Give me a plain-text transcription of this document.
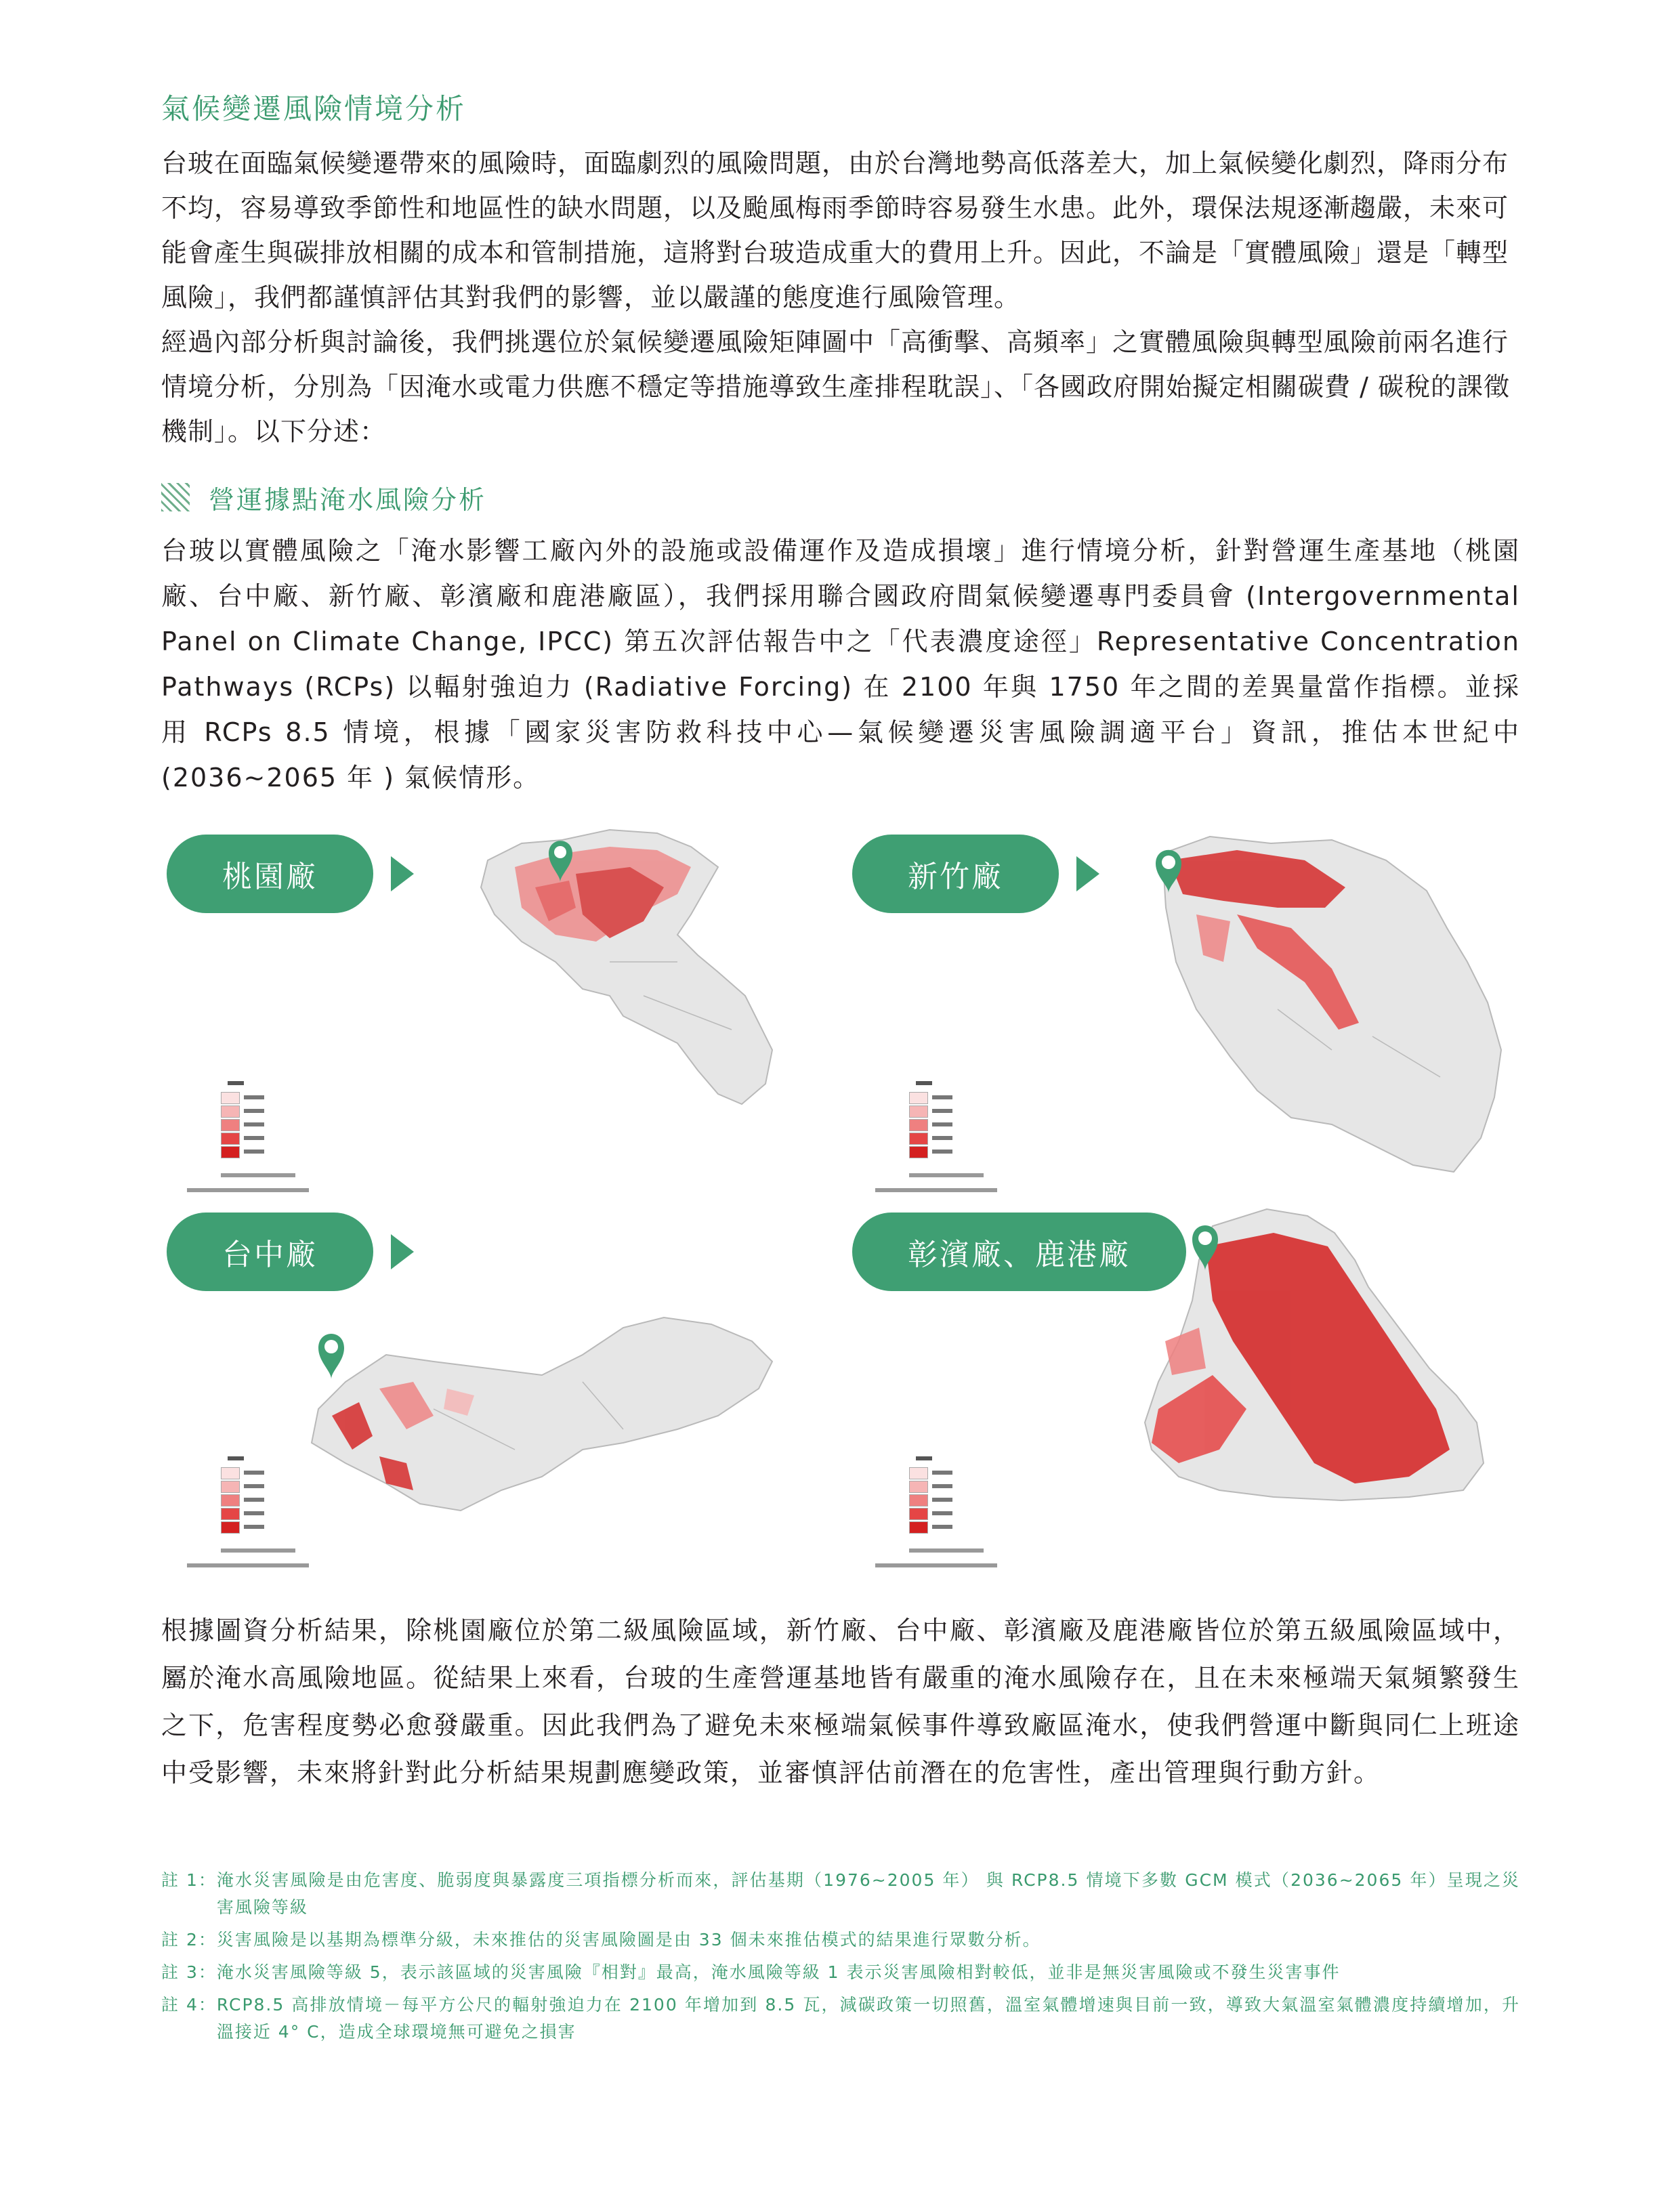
氣候變遷風險情境分析

台玻在面臨氣候變遷帶來的風險時，面臨劇烈的風險問題，由於台灣地勢高低落差大，加上氣候變化劇烈，降雨分布不均，容易導致季節性和地區性的缺水問題，以及颱風梅雨季節時容易發生水患。此外，環保法規逐漸趨嚴，未來可能會產生與碳排放相關的成本和管制措施，這將對台玻造成重大的費用上升。因此，不論是「實體風險」還是「轉型風險」，我們都謹慎評估其對我們的影響，並以嚴謹的態度進行風險管理。

經過內部分析與討論後，我們挑選位於氣候變遷風險矩陣圖中「高衝擊、高頻率」之實體風險與轉型風險前兩名進行情境分析，分別為「因淹水或電力供應不穩定等措施導致生產排程耽誤」、「各國政府開始擬定相關碳費 / 碳稅的課徵機制」。以下分述：

營運據點淹水風險分析

台玻以實體風險之「淹水影響工廠內外的設施或設備運作及造成損壞」進行情境分析，針對營運生產基地（桃園廠、台中廠、新竹廠、彰濱廠和鹿港廠區），我們採用聯合國政府間氣候變遷專門委員會 (Intergovernmental Panel on Climate Change, IPCC) 第五次評估報告中之「代表濃度途徑」Representative Concentration Pathways (RCPs) 以輻射強迫力 (Radiative Forcing) 在 2100 年與 1750 年之間的差異量當作指標。並採用 RCPs 8.5 情境，根據「國家災害防救科技中心—氣候變遷災害風險調適平台」資訊，推估本世紀中 (2036~2065 年 ) 氣候情形。

桃園廠	新竹廠
台中廠	彰濱廠、鹿港廠

根據圖資分析結果，除桃園廠位於第二級風險區域，新竹廠、台中廠、彰濱廠及鹿港廠皆位於第五級風險區域中，屬於淹水高風險地區。從結果上來看，台玻的生產營運基地皆有嚴重的淹水風險存在，且在未來極端天氣頻繁發生之下，危害程度勢必愈發嚴重。因此我們為了避免未來極端氣候事件導致廠區淹水，使我們營運中斷與同仁上班途中受影響，未來將針對此分析結果規劃應變政策，並審慎評估前潛在的危害性，產出管理與行動方針。

註 1： 淹水災害風險是由危害度、脆弱度與暴露度三項指標分析而來，評估基期（1976~2005 年） 與 RCP8.5 情境下多數 GCM 模式（2036~2065 年）呈現之災害風險等級
註 2： 災害風險是以基期為標準分級，未來推估的災害風險圖是由 33 個未來推估模式的結果進行眾數分析。
註 3： 淹水災害風險等級 5，表示該區域的災害風險『相對』最高，淹水風險等級 1 表示災害風險相對較低，並非是無災害風險或不發生災害事件
註 4： RCP8.5 高排放情境－每平方公尺的輻射強迫力在 2100 年增加到 8.5 瓦，減碳政策一切照舊，溫室氣體增速與目前一致，導致大氣溫室氣體濃度持續增加，升溫接近 4° C，造成全球環境無可避免之損害
